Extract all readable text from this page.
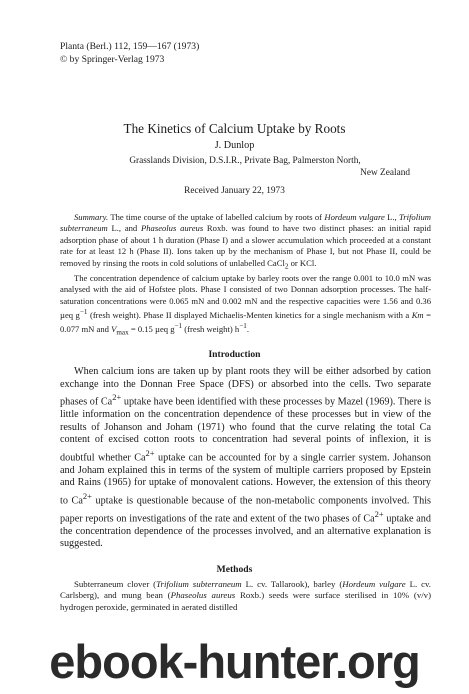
Planta (Berl.) 112, 159—167 (1973)
© by Springer-Verlag 1973
The Kinetics of Calcium Uptake by Roots
J. Dunlop
Grasslands Division, D.S.I.R., Private Bag, Palmerston North,
New Zealand
Received January 22, 1973

Summary. The time course of the uptake of labelled calcium by roots of Hordeum vulgare L., Trifolium subterraneum L., and Phaseolus aureus Roxb. was found to have two distinct phases: an initial rapid adsorption phase of about 1 h duration (Phase I) and a slower accumulation which proceeded at a constant rate for at least 12 h (Phase II). Ions taken up by the mechanism of Phase I, but not Phase II, could be removed by rinsing the roots in cold solutions of unlabelled CaCl$_2$ or KCl.

The concentration dependence of calcium uptake by barley roots over the range 0.001 to 10.0 mN was analysed with the aid of Hofstee plots. Phase I consisted of two Donnan adsorption processes. The half-saturation concentrations were 0.065 mN and 0.002 mN and the respective capacities were 1.56 and 0.36 µeq $g^{-1}$ (fresh weight). Phase II displayed Michaelis-Menten kinetics for a single mechanism with a Km = 0.077 mN and $V_{max} = 0.15$ µeq $g^{-1}$ (fresh weight) $h^{-1}$.

Introduction

When calcium ions are taken up by plant roots they will be either adsorbed by cation exchange into the Donnan Free Space (DFS) or absorbed into the cells. Two separate phases of $Ca^{2+}$ uptake have been identified with these processes by Mazel (1969). There is little information on the concentration dependence of these processes but in view of the results of Johanson and Joham (1971) who found that the curve relating the total Ca content of excised cotton roots to concentration had several points of inflexion, it is doubtful whether $Ca^{2+}$ uptake can be accounted for by a single carrier system. Johanson and Joham explained this in terms of the system of multiple carriers proposed by Epstein and Rains (1965) for uptake of monovalent cations. However, the extension of this theory to $Ca^{2+}$ uptake is questionable because of the non-metabolic components involved. This paper reports on investigations of the rate and extent of the two phases of $Ca^{2+}$ uptake and the concentration dependence of the processes involved, and an alternative explanation is suggested.

Methods

Subterraneum clover (Trifolium subterraneum L. cv. Tallarook), barley (Hordeum vulgare L. cv. Carlsberg), and mung bean (Phaseolus aureus Roxb.) seeds were surface sterilised in 10% (v/v) hydrogen peroxide, germinated in aerated distilled

ebook-hunter.org
